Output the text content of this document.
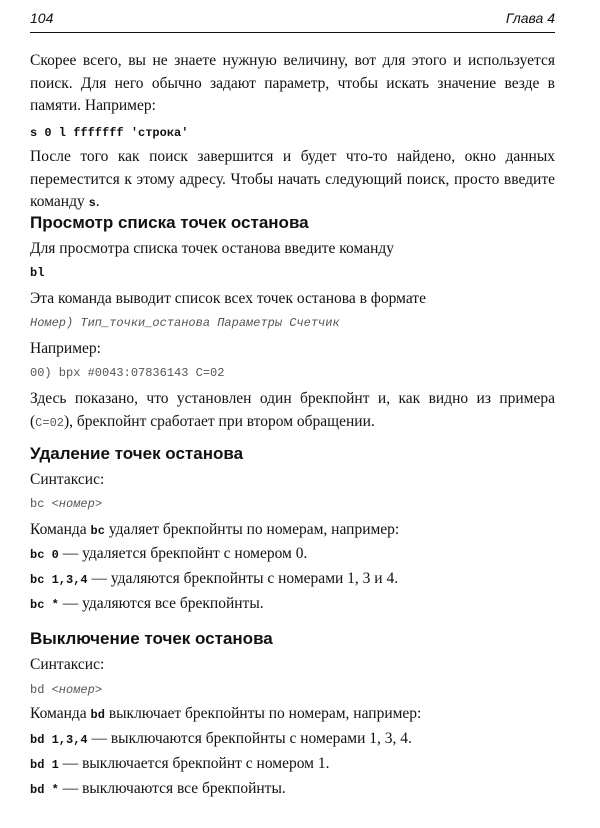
104	Глава 4
Скорее всего, вы не знаете нужную величину, вот для этого и используется поиск. Для него обычно задают параметр, чтобы искать значение везде в памяти. Например:
s 0 l fffffff 'строка'
После того как поиск завершится и будет что-то найдено, окно данных переместится к этому адресу. Чтобы начать следующий поиск, просто введите команду s.
Просмотр списка точек останова
Для просмотра списка точек останова введите команду
bl
Эта команда выводит список всех точек останова в формате
Номер) Тип_точки_останова Параметры Счетчик
Например:
00) bpx #0043:07836143 C=02
Здесь показано, что установлен один брекпойнт и, как видно из примера (C=02), брекпойнт сработает при втором обращении.
Удаление точек останова
Синтаксис:
bc <номер>
Команда bc удаляет брекпойнты по номерам, например:
bc 0 — удаляется брекпойнт с номером 0.
bc 1,3,4 — удаляются брекпойнты с номерами 1, 3 и 4.
bc * — удаляются все брекпойнты.
Выключение точек останова
Синтаксис:
bd <номер>
Команда bd выключает брекпойнты по номерам, например:
bd 1,3,4 — выключаются брекпойнты с номерами 1, 3, 4.
bd 1 — выключается брекпойнт с номером 1.
bd * — выключаются все брекпойнты.
